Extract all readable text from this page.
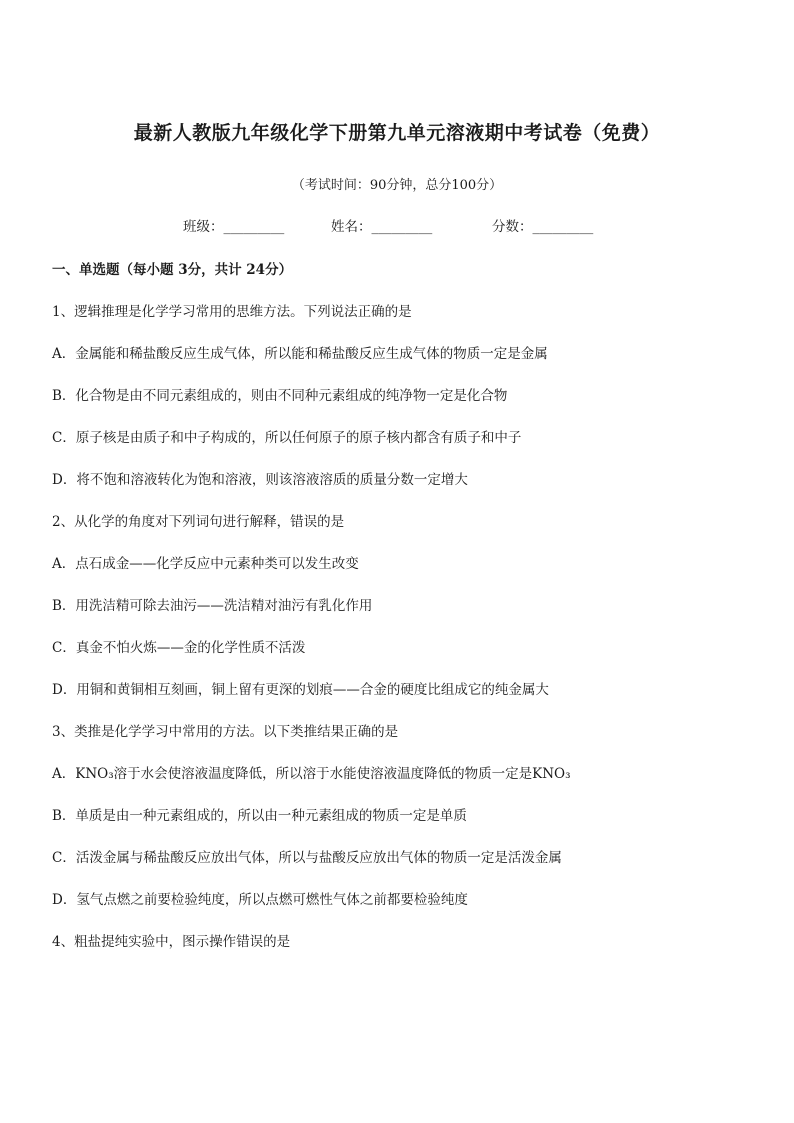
最新人教版九年级化学下册第九单元溶液期中考试卷（免费）
（考试时间：90分钟，总分100分）
班级：_________	姓名：_________	分数：_________
一、单选题（每小题 3分，共计 24分）
1、逻辑推理是化学学习常用的思维方法。下列说法正确的是
A．金属能和稀盐酸反应生成气体，所以能和稀盐酸反应生成气体的物质一定是金属
B．化合物是由不同元素组成的，则由不同种元素组成的纯净物一定是化合物
C．原子核是由质子和中子构成的，所以任何原子的原子核内都含有质子和中子
D．将不饱和溶液转化为饱和溶液，则该溶液溶质的质量分数一定增大
2、从化学的角度对下列词句进行解释，错误的是
A．点石成金——化学反应中元素种类可以发生改变
B．用洗洁精可除去油污——洗洁精对油污有乳化作用
C．真金不怕火炼——金的化学性质不活泼
D．用铜和黄铜相互刻画，铜上留有更深的划痕——合金的硬度比组成它的纯金属大
3、类推是化学学习中常用的方法。以下类推结果正确的是
A．KNO₃溶于水会使溶液温度降低，所以溶于水能使溶液温度降低的物质一定是KNO₃
B．单质是由一种元素组成的，所以由一种元素组成的物质一定是单质
C．活泼金属与稀盐酸反应放出气体，所以与盐酸反应放出气体的物质一定是活泼金属
D．氢气点燃之前要检验纯度，所以点燃可燃性气体之前都要检验纯度
4、粗盐提纯实验中，图示操作错误的是
